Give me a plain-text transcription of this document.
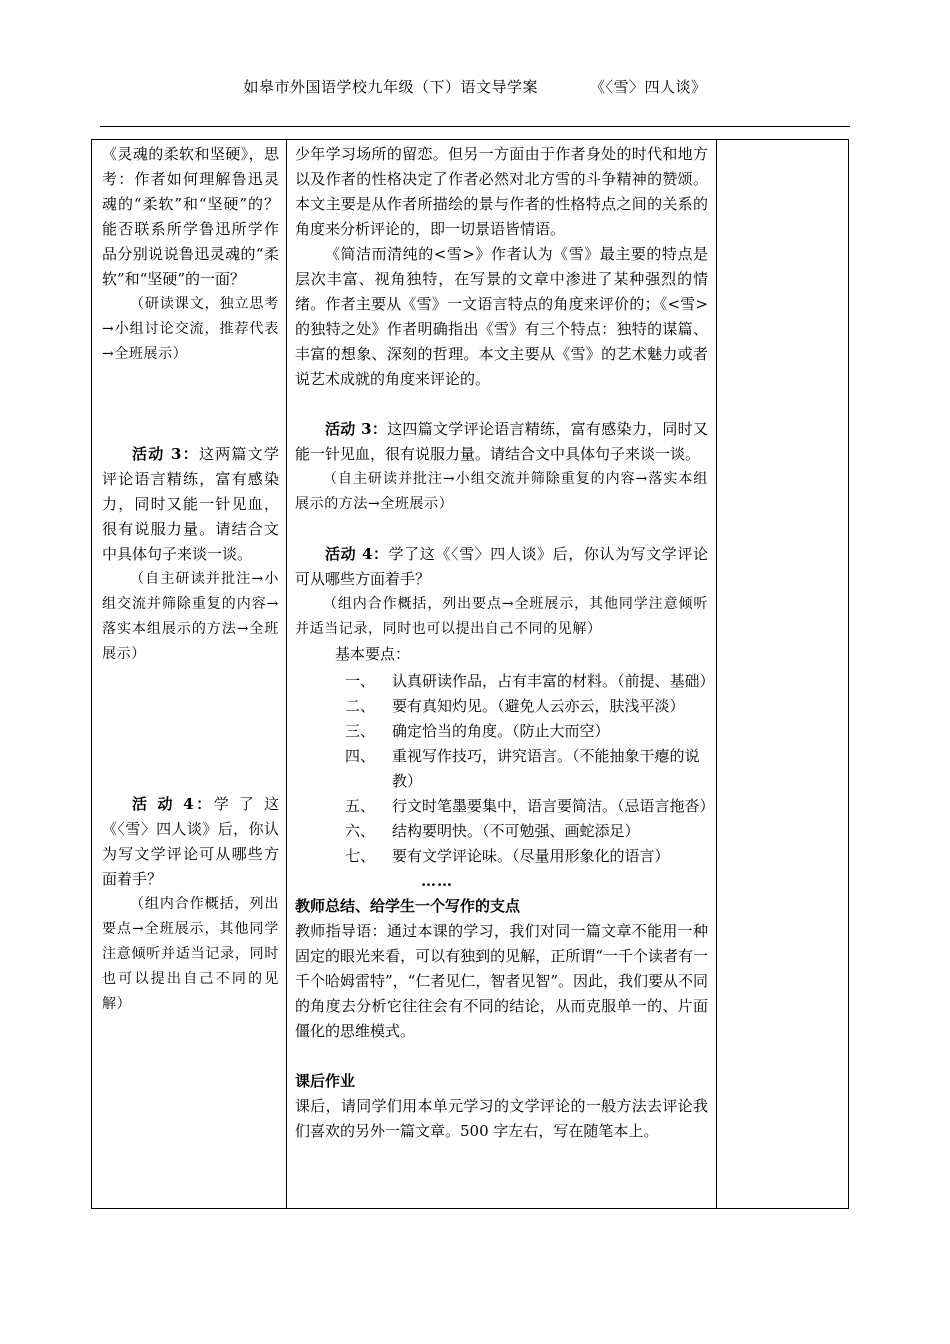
如皋市外国语学校九年级（下）语文导学案	《〈雪〉四人谈》

《灵魂的柔软和坚硬》，思考：作者如何理解鲁迅灵魂的“柔软”和“坚硬”的？能否联系所学鲁迅所学作品分别说说鲁迅灵魂的“柔软”和“坚硬”的一面？

（研读课文，独立思考→小组讨论交流，推荐代表→全班展示）

活动 3：这两篇文学评论语言精练，富有感染力，同时又能一针见血，很有说服力量。请结合文中具体句子来谈一谈。

（自主研读并批注→小组交流并筛除重复的内容→落实本组展示的方法→全班展示）

活 动 4：学 了 这《〈雪〉四人谈》后，你认为写文学评论可从哪些方面着手？

（组内合作概括，列出要点→全班展示，其他同学注意倾听并适当记录，同时也可以提出自己不同的见解）

少年学习场所的留恋。但另一方面由于作者身处的时代和地方以及作者的性格决定了作者必然对北方雪的斗争精神的赞颂。本文主要是从作者所描绘的景与作者的性格特点之间的关系的角度来分析评论的，即一切景语皆情语。

《简洁而清纯的<雪>》作者认为《雪》最主要的特点是层次丰富、视角独特，在写景的文章中渗进了某种强烈的情绪。作者主要从《雪》一文语言特点的角度来评价的；《<雪>的独特之处》作者明确指出《雪》有三个特点：独特的谋篇、丰富的想象、深刻的哲理。本文主要从《雪》的艺术魅力或者说艺术成就的角度来评论的。

活动 3：这四篇文学评论语言精练，富有感染力，同时又能一针见血，很有说服力量。请结合文中具体句子来谈一谈。

（自主研读并批注→小组交流并筛除重复的内容→落实本组展示的方法→全班展示）

活动 4：学了这《〈雪〉四人谈》后，你认为写文学评论可从哪些方面着手？

（组内合作概括，列出要点→全班展示，其他同学注意倾听并适当记录，同时也可以提出自己不同的见解）

基本要点：
一、	认真研读作品，占有丰富的材料。（前提、基础）
二、	要有真知灼见。（避免人云亦云，肤浅平淡）
三、	确定恰当的角度。（防止大而空）
四、	重视写作技巧，讲究语言。（不能抽象干瘪的说教）
五、	行文时笔墨要集中，语言要简洁。（忌语言拖沓）
六、	结构要明快。（不可勉强、画蛇添足）
七、	要有文学评论味。（尽量用形象化的语言）
……

教师总结、给学生一个写作的支点

教师指导语：通过本课的学习，我们对同一篇文章不能用一种固定的眼光来看，可以有独到的见解，正所谓“一千个读者有一千个哈姆雷特”，“仁者见仁，智者见智”。因此，我们要从不同的角度去分析它往往会有不同的结论，从而克服单一的、片面僵化的思维模式。

课后作业

课后，请同学们用本单元学习的文学评论的一般方法去评论我们喜欢的另外一篇文章。500 字左右，写在随笔本上。
